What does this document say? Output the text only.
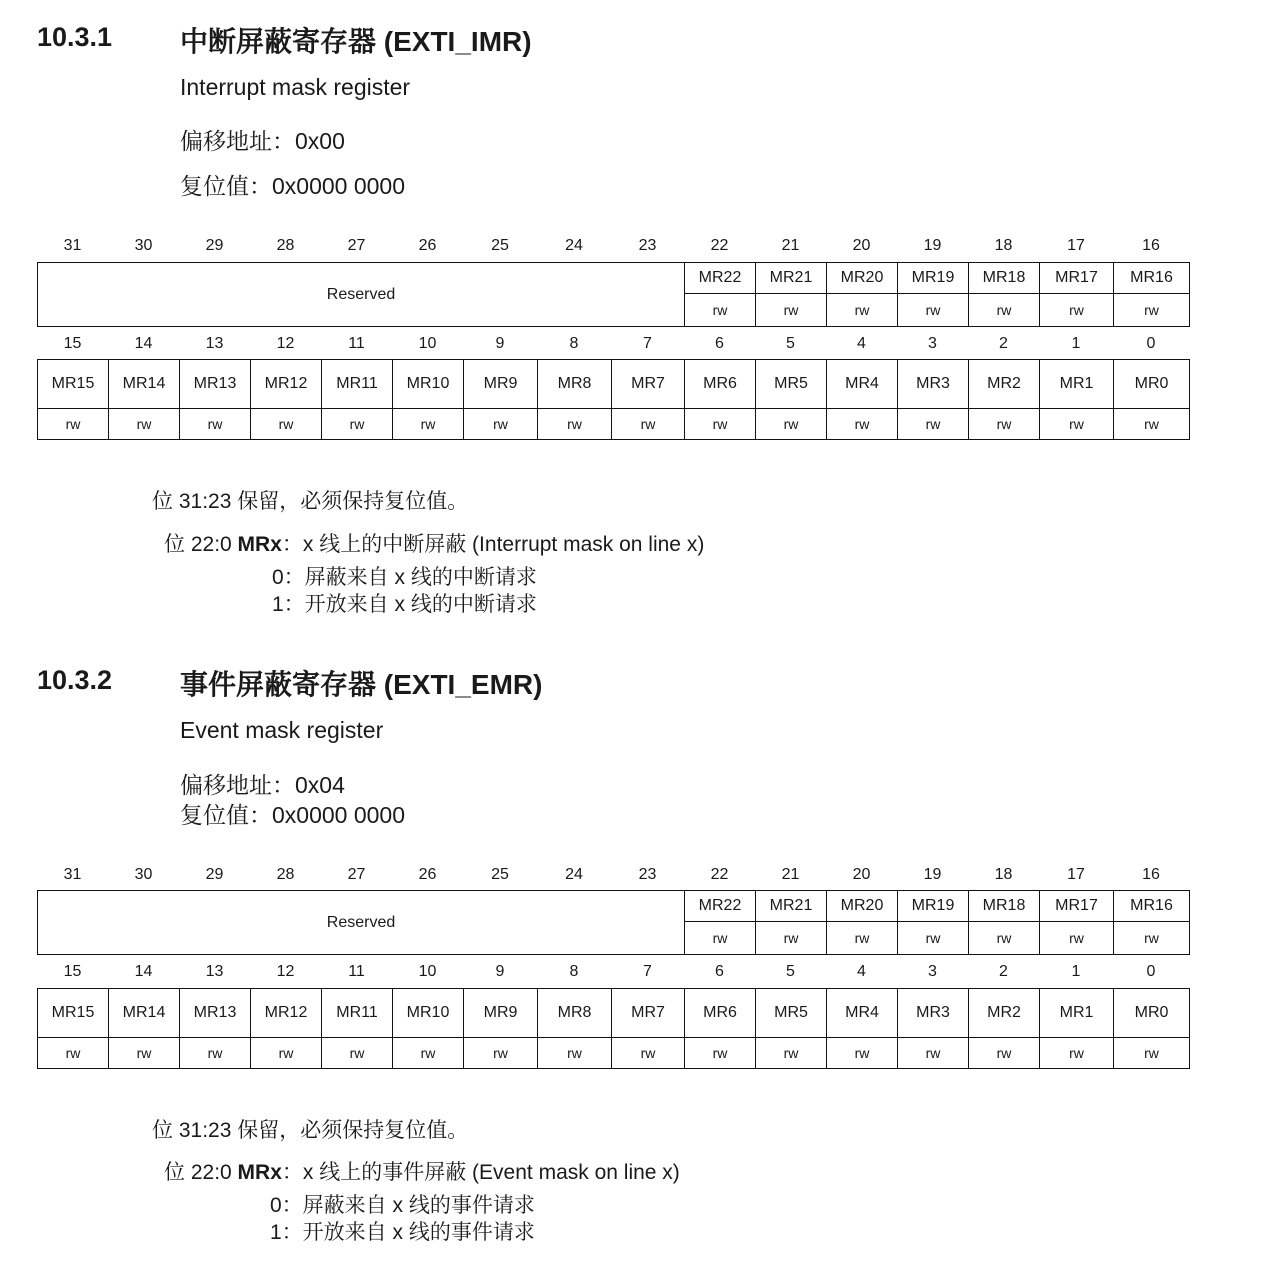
10.3.1 中断屏蔽寄存器 (EXTI_IMR)
Interrupt mask register
偏移地址：0x00
复位值：0x0000 0000
31	30	29	28	27	26	25	24	23	22	21	20	19	18	17	16
Reserved	MR22	MR21	MR20	MR19	MR18	MR17	MR16
	rw	rw	rw	rw	rw	rw	rw
15	14	13	12	11	10	9	8	7	6	5	4	3	2	1	0
MR15	MR14	MR13	MR12	MR11	MR10	MR9	MR8	MR7	MR6	MR5	MR4	MR3	MR2	MR1	MR0
rw	rw	rw	rw	rw	rw	rw	rw	rw	rw	rw	rw	rw	rw	rw	rw
位 31:23 保留，必须保持复位值。
位 22:0 MRx：x 线上的中断屏蔽 (Interrupt mask on line x)
0：屏蔽来自 x 线的中断请求
1：开放来自 x 线的中断请求
10.3.2 事件屏蔽寄存器 (EXTI_EMR)
Event mask register
偏移地址：0x04
复位值：0x0000 0000
31	30	29	28	27	26	25	24	23	22	21	20	19	18	17	16
Reserved	MR22	MR21	MR20	MR19	MR18	MR17	MR16
	rw	rw	rw	rw	rw	rw	rw
15	14	13	12	11	10	9	8	7	6	5	4	3	2	1	0
MR15	MR14	MR13	MR12	MR11	MR10	MR9	MR8	MR7	MR6	MR5	MR4	MR3	MR2	MR1	MR0
rw	rw	rw	rw	rw	rw	rw	rw	rw	rw	rw	rw	rw	rw	rw	rw
位 31:23 保留，必须保持复位值。
位 22:0 MRx：x 线上的事件屏蔽 (Event mask on line x)
0：屏蔽来自 x 线的事件请求
1：开放来自 x 线的事件请求
